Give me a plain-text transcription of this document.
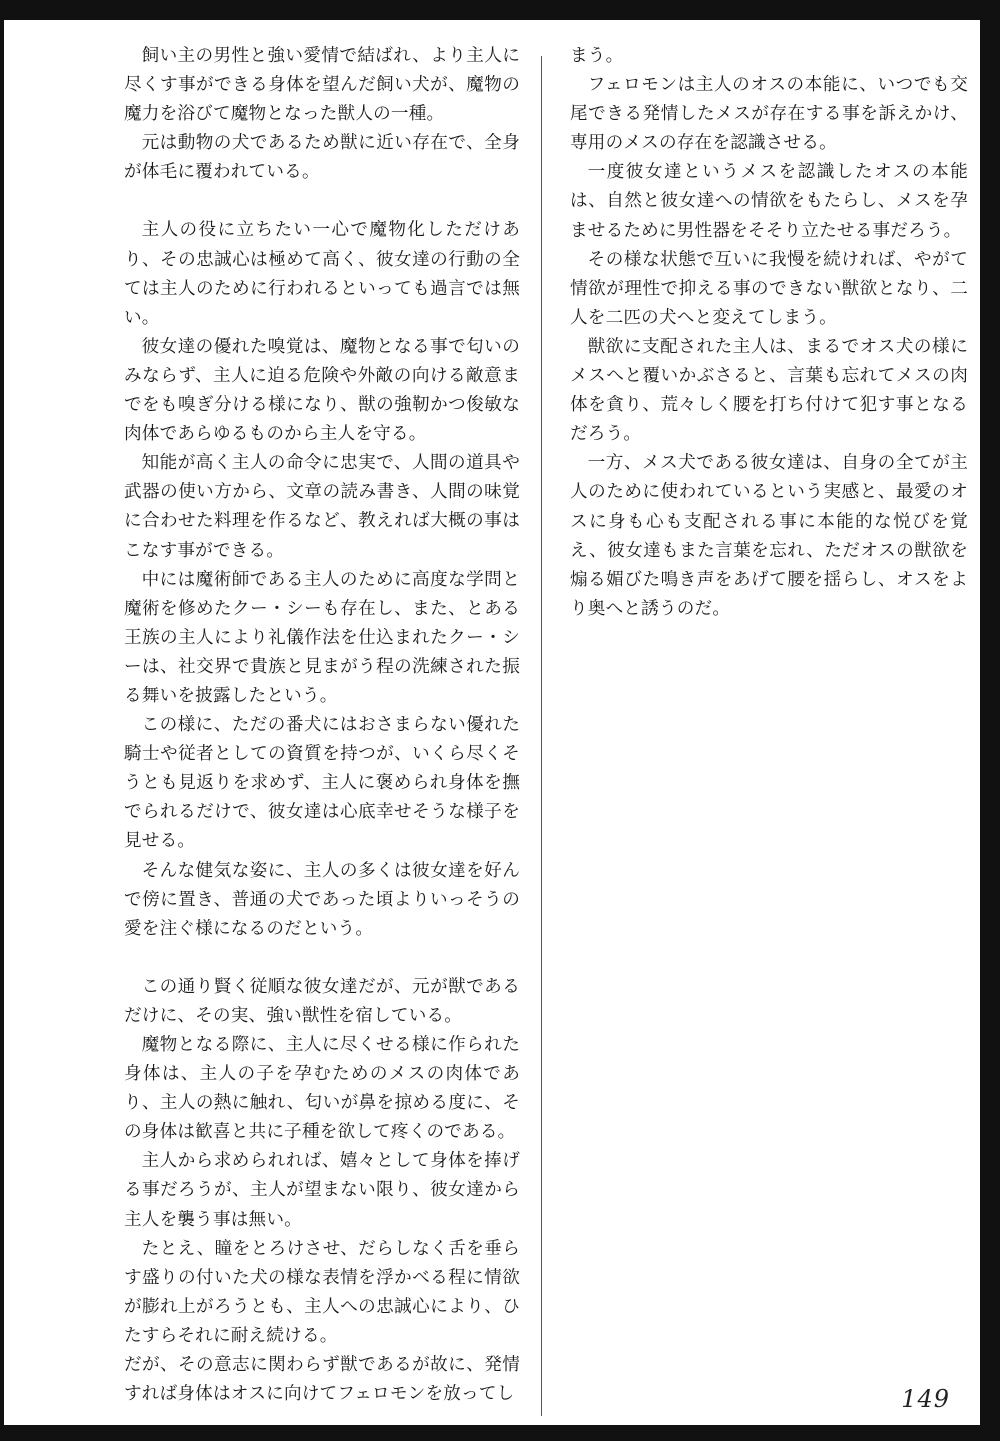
飼い主の男性と強い愛情で結ばれ、より主人に尽くす事ができる身体を望んだ飼い犬が、魔物の魔力を浴びて魔物となった獣人の一種。

元は動物の犬であるため獣に近い存在で、全身が体毛に覆われている。

主人の役に立ちたい一心で魔物化しただけあり、その忠誠心は極めて高く、彼女達の行動の全ては主人のために行われるといっても過言では無い。

彼女達の優れた嗅覚は、魔物となる事で匂いのみならず、主人に迫る危険や外敵の向ける敵意までをも嗅ぎ分ける様になり、獣の強靭かつ俊敏な肉体であらゆるものから主人を守る。

知能が高く主人の命令に忠実で、人間の道具や武器の使い方から、文章の読み書き、人間の味覚に合わせた料理を作るなど、教えれば大概の事はこなす事ができる。

中には魔術師である主人のために高度な学問と魔術を修めたクー・シーも存在し、また、とある王族の主人により礼儀作法を仕込まれたクー・シーは、社交界で貴族と見まがう程の洗練された振る舞いを披露したという。

この様に、ただの番犬にはおさまらない優れた騎士や従者としての資質を持つが、いくら尽くそうとも見返りを求めず、主人に褒められ身体を撫でられるだけで、彼女達は心底幸せそうな様子を見せる。

そんな健気な姿に、主人の多くは彼女達を好んで傍に置き、普通の犬であった頃よりいっそうの愛を注ぐ様になるのだという。

この通り賢く従順な彼女達だが、元が獣であるだけに、その実、強い獣性を宿している。

魔物となる際に、主人に尽くせる様に作られた身体は、主人の子を孕むためのメスの肉体であり、主人の熱に触れ、匂いが鼻を掠める度に、その身体は歓喜と共に子種を欲して疼くのである。

主人から求められれば、嬉々として身体を捧げる事だろうが、主人が望まない限り、彼女達から主人を襲う事は無い。

たとえ、瞳をとろけさせ、だらしなく舌を垂らす盛りの付いた犬の様な表情を浮かべる程に情欲が膨れ上がろうとも、主人への忠誠心により、ひたすらそれに耐え続ける。

だが、その意志に関わらず獣であるが故に、発情すれば身体はオスに向けてフェロモンを放ってし

まう。

フェロモンは主人のオスの本能に、いつでも交尾できる発情したメスが存在する事を訴えかけ、専用のメスの存在を認識させる。

一度彼女達というメスを認識したオスの本能は、自然と彼女達への情欲をもたらし、メスを孕ませるために男性器をそそり立たせる事だろう。

その様な状態で互いに我慢を続ければ、やがて情欲が理性で抑える事のできない獣欲となり、二人を二匹の犬へと変えてしまう。

獣欲に支配された主人は、まるでオス犬の様にメスへと覆いかぶさると、言葉も忘れてメスの肉体を貪り、荒々しく腰を打ち付けて犯す事となるだろう。

一方、メス犬である彼女達は、自身の全てが主人のために使われているという実感と、最愛のオスに身も心も支配される事に本能的な悦びを覚え、彼女達もまた言葉を忘れ、ただオスの獣欲を煽る媚びた鳴き声をあげて腰を揺らし、オスをより奥へと誘うのだ。

149
